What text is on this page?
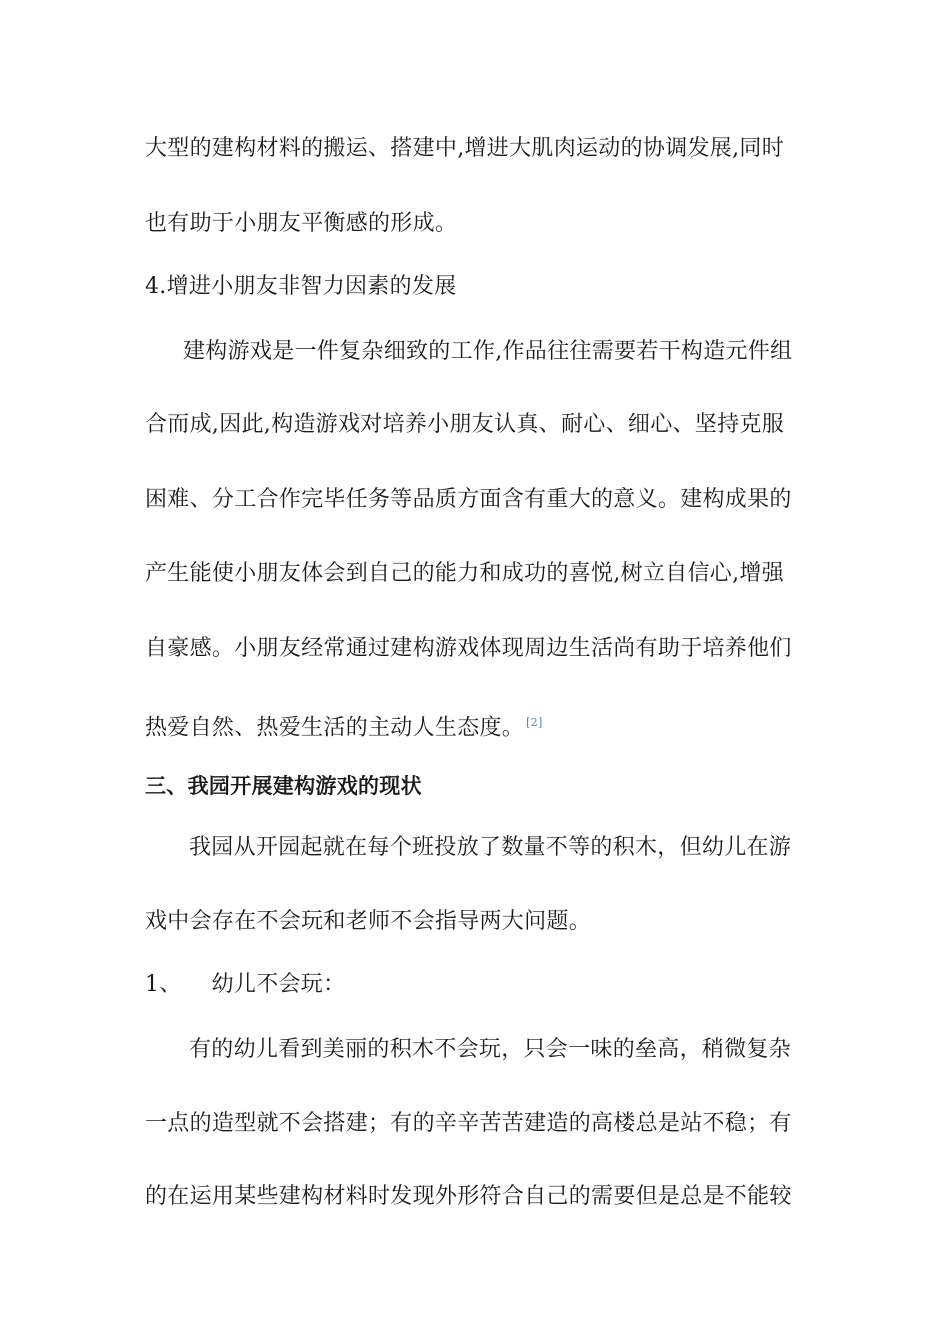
大型的建构材料的搬运、搭建中,增进大肌肉运动的协调发展,同时
也有助于小朋友平衡感的形成。
4.增进小朋友非智力因素的发展
建构游戏是一件复杂细致的工作,作品往往需要若干构造元件组
合而成,因此,构造游戏对培养小朋友认真、耐心、细心、坚持克服
困难、分工合作完毕任务等品质方面含有重大的意义。建构成果的
产生能使小朋友体会到自己的能力和成功的喜悦,树立自信心,增强
自豪感。小朋友经常通过建构游戏体现周边生活尚有助于培养他们
热爱自然、热爱生活的主动人生态度。 [2]
三、我园开展建构游戏的现状
我园从开园起就在每个班投放了数量不等的积木，但幼儿在游
戏中会存在不会玩和老师不会指导两大问题。
1、 幼儿不会玩：
有的幼儿看到美丽的积木不会玩，只会一味的垒高，稍微复杂
一点的造型就不会搭建；有的辛辛苦苦建造的高楼总是站不稳；有
的在运用某些建构材料时发现外形符合自己的需要但是总是不能较
